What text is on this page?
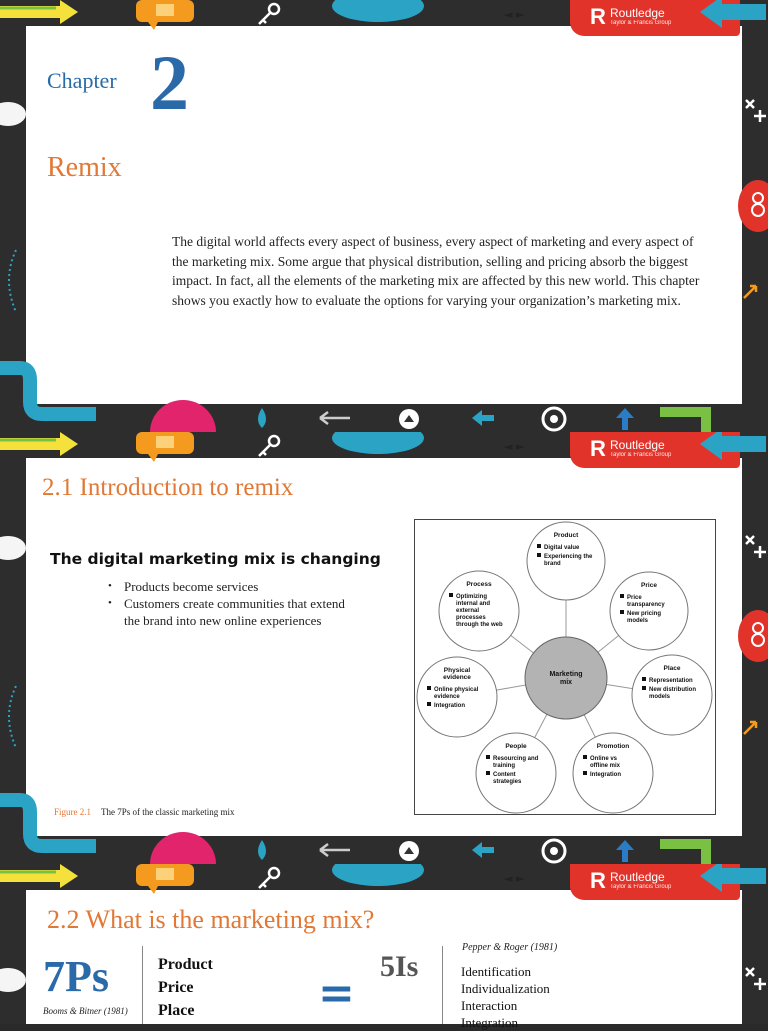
◄ ►	R Routledge
Taylor & Francis Group
Chapter 2
Remix
The digital world affects every aspect of business, every aspect of marketing and every aspect of the marketing mix. Some argue that physical distribution, selling and pricing absorb the biggest impact. In fact, all the elements of the marketing mix are affected by this new world. This chapter shows you exactly how to evaluate the options for varying your organization’s marketing mix.
◄ ►	R Routledge
Taylor & Francis Group
2.1 Introduction to remix
The digital marketing mix is changing
• Products become services
• Customers create communities that extend the brand into new online experiences
Figure 2.1 The 7Ps of the classic marketing mix
Marketing mix
Product
Digital value
Experiencing the brand
Price
Price transparency
New pricing models
Place
Representation
New distribution models
Promotion
Online vs offline mix
Integration
People
Resourcing and training
Content strategies
Physical evidence
Online physical evidence
Integration
Process
Optimizing internal and external processes through the web
◄ ►	R Routledge
Taylor & Francis Group
2.2 What is the marketing mix?
7Ps
Booms & Bitner (1981)
Product
Price
Place	=
5Is
Pepper & Roger (1981)
Identification
Individualization
Interaction
Integration
